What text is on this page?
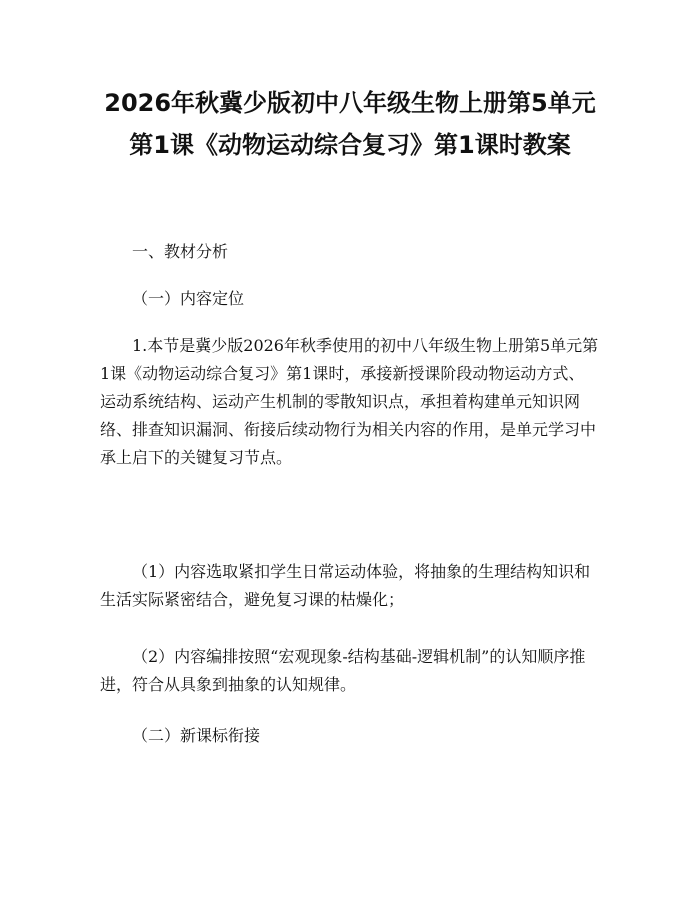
2026年秋冀少版初中八年级生物上册第5单元第1课《动物运动综合复习》第1课时教案
一、教材分析
（一）内容定位

1.本节是冀少版2026年秋季使用的初中八年级生物上册第5单元第1课《动物运动综合复习》第1课时，承接新授课阶段动物运动方式、运动系统结构、运动产生机制的零散知识点，承担着构建单元知识网络、排查知识漏洞、衔接后续动物行为相关内容的作用，是单元学习中承上启下的关键复习节点。

（1）内容选取紧扣学生日常运动体验，将抽象的生理结构知识和生活实际紧密结合，避免复习课的枯燥化；

（2）内容编排按照“宏观现象-结构基础-逻辑机制”的认知顺序推进，符合从具象到抽象的认知规律。

（二）新课标衔接
